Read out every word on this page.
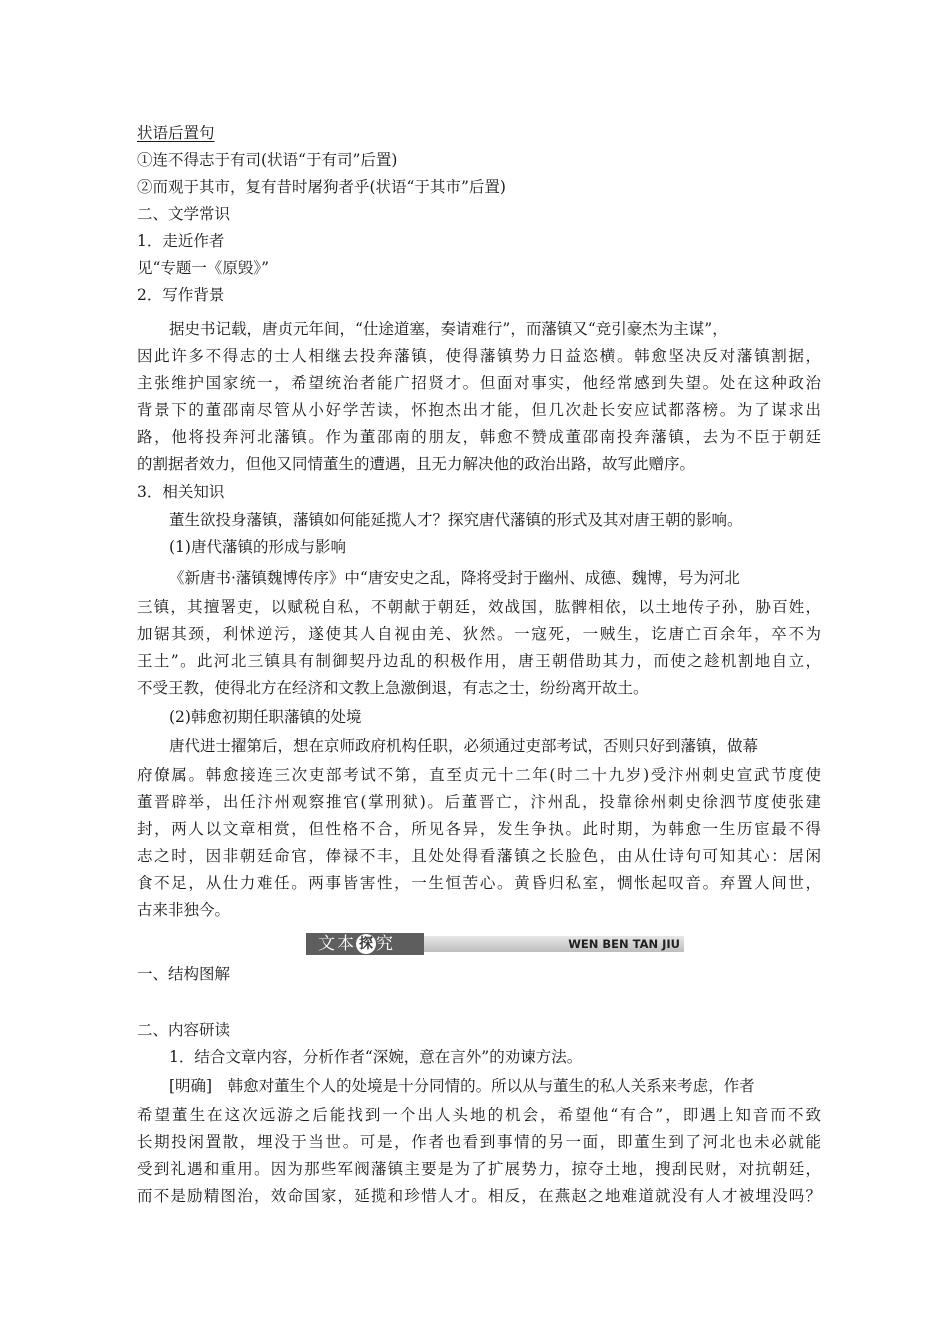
状语后置句
①连不得志于有司(状语“于有司”后置)
②而观于其市，复有昔时屠狗者乎(状语“于其市”后置)
二、文学常识
1．走近作者
见“专题一《原毁》”
2．写作背景
据史书记载，唐贞元年间，“仕途道塞，奏请难行”，而藩镇又“竞引豪杰为主谋”，
因此许多不得志的士人相继去投奔藩镇，使得藩镇势力日益恣横。韩愈坚决反对藩镇割据，
主张维护国家统一，希望统治者能广招贤才。但面对事实，他经常感到失望。处在这种政治
背景下的董邵南尽管从小好学苦读，怀抱杰出才能，但几次赴长安应试都落榜。为了谋求出
路，他将投奔河北藩镇。作为董邵南的朋友，韩愈不赞成董邵南投奔藩镇，去为不臣于朝廷
的割据者效力，但他又同情董生的遭遇，且无力解决他的政治出路，故写此赠序。
3．相关知识
董生欲投身藩镇，藩镇如何能延揽人才？探究唐代藩镇的形式及其对唐王朝的影响。
(1)唐代藩镇的形成与影响
《新唐书·藩镇魏博传序》中“唐安史之乱，降将受封于幽州、成德、魏博，号为河北
三镇，其擅署吏，以赋税自私，不朝献于朝廷，效战国，肱髀相依，以土地传子孙，胁百姓，
加锯其颈，利怵逆污，遂使其人自视由羌、狄然。一寇死，一贼生，讫唐亡百余年，卒不为
王土”。此河北三镇具有制御契丹边乱的积极作用，唐王朝借助其力，而使之趁机割地自立，
不受王教，使得北方在经济和文教上急激倒退，有志之士，纷纷离开故土。
(2)韩愈初期任职藩镇的处境
唐代进士擢第后，想在京师政府机构任职，必须通过吏部考试，否则只好到藩镇，做幕
府僚属。韩愈接连三次吏部考试不第，直至贞元十二年(时二十九岁)受汴州刺史宣武节度使
董晋辟举，出任汴州观察推官(掌刑狱)。后董晋亡，汴州乱，投靠徐州刺史徐泗节度使张建
封，两人以文章相赏，但性格不合，所见各异，发生争执。此时期，为韩愈一生历宦最不得
志之时，因非朝廷命官，俸禄不丰，且处处得看藩镇之长脸色，由从仕诗句可知其心：居闲
食不足，从仕力难任。两事皆害性，一生恒苦心。黄昏归私室，惆怅起叹音。弃置人间世，
古来非独今。
文本 探 究	WEN BEN TAN JIU
一、结构图解
二、内容研读
1．结合文章内容，分析作者“深婉，意在言外”的劝谏方法。
[明确]　韩愈对董生个人的处境是十分同情的。所以从与董生的私人关系来考虑，作者
希望董生在这次远游之后能找到一个出人头地的机会，希望他“有合”，即遇上知音而不致
长期投闲置散，埋没于当世。可是，作者也看到事情的另一面，即董生到了河北也未必就能
受到礼遇和重用。因为那些军阀藩镇主要是为了扩展势力，掠夺土地，搜刮民财，对抗朝廷，
而不是励精图治，效命国家，延揽和珍惜人才。相反，在燕赵之地难道就没有人才被埋没吗？
